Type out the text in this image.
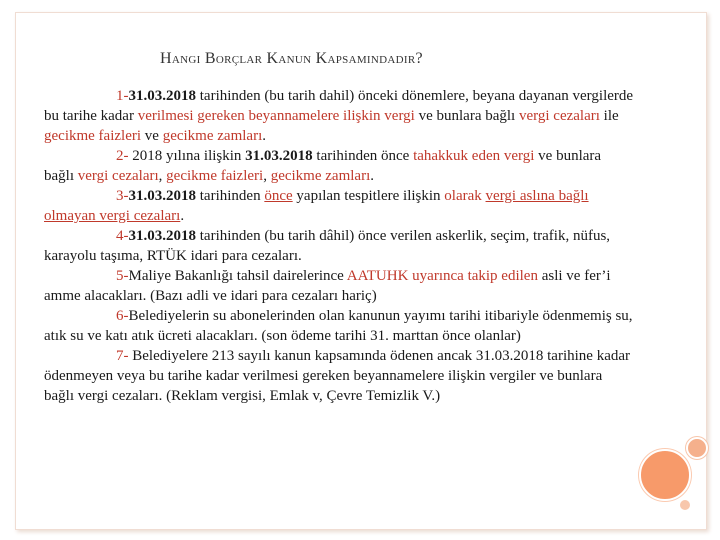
Hangı Borçlar Kanun Kapsamındadır?

1-31.03.2018 tarihinden (bu tarih dahil) önceki dönemlere, beyana dayanan vergilerde bu tarihe kadar verilmesi gereken beyannamelere ilişkin vergi ve bunlara bağlı vergi cezaları ile gecikme faizleri ve gecikme zamları.

2- 2018 yılına ilişkin 31.03.2018 tarihinden önce tahakkuk eden vergi ve bunlara bağlı vergi cezaları, gecikme faizleri, gecikme zamları.

3-31.03.2018 tarihinden önce yapılan tespitlere ilişkin olarak vergi aslına bağlı olmayan vergi cezaları.

4-31.03.2018 tarihinden (bu tarih dâhil) önce verilen askerlik, seçim, trafik, nüfus, karayolu taşıma, RTÜK idari para cezaları.

5-Maliye Bakanlığı tahsil dairelerince AATUHK uyarınca takip edilen asli ve fer’i amme alacakları. (Bazı adli ve idari para cezaları hariç)

6-Belediyelerin su abonelerinden olan kanunun yayımı tarihi itibariyle ödenmemiş su, atık su ve katı atık ücreti alacakları. (son ödeme tarihi 31. marttan önce olanlar)

7- Belediyelere 213 sayılı kanun kapsamında ödenen ancak 31.03.2018 tarihine kadar ödenmeyen veya bu tarihe kadar verilmesi gereken beyannamelere ilişkin vergiler ve bunlara bağlı vergi cezaları. (Reklam vergisi, Emlak v, Çevre Temizlik V.)
